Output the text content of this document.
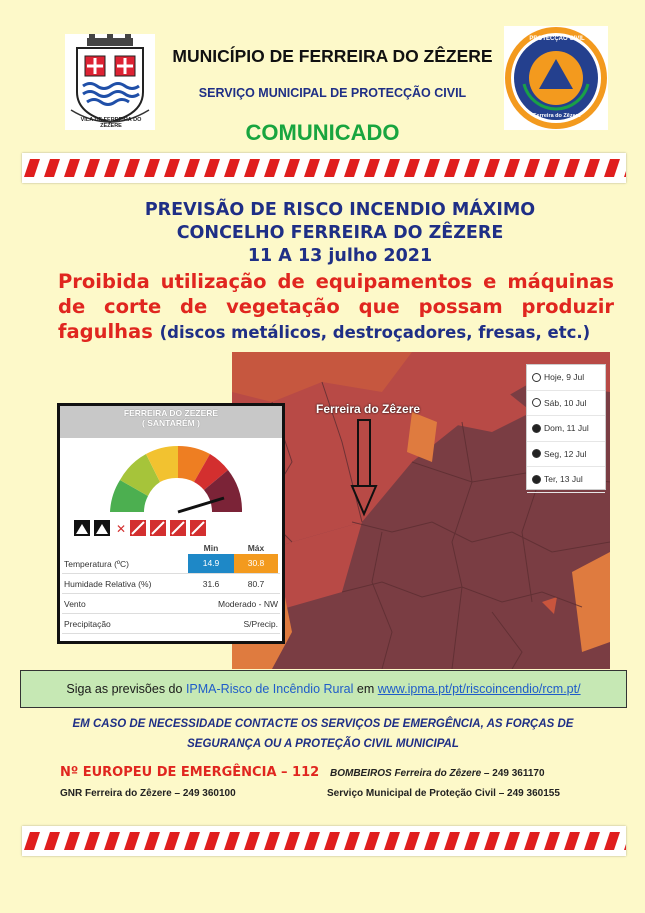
VILA DE FERREIRA DO ZÊZERE
MUNICÍPIO DE FERREIRA DO ZÊZERE
SERVIÇO MUNICIPAL DE PROTECÇÃO CIVIL
PROTECÇÃO CIVIL
Ferreira do Zêzere
COMUNICADO
PREVISÃO DE RISCO INCENDIO MÁXIMO
CONCELHO FERREIRA DO ZÊZERE
11 A 13 julho 2021
Proibida utilização de equipamentos e máquinas de corte de vegetação que possam produzir fagulhas (discos metálicos, destroçadores, fresas, etc.)
Ferreira do Zêzere
Hoje, 9 Jul
Sáb, 10 Jul
Dom, 11 Jul
Seg, 12 Jul
Ter, 13 Jul
FERREIRA DO ZEZERE
( SANTARÉM )
✕
Min	Máx
Temperatura (ºC)	14.9	30.8
Humidade Relativa (%)	31.6	80.7
Vento	Moderado - NW
Precipitação	S/Precip.
Siga as previsões do
IPMA - Risco de Incêndio Rural
em
www.ipma.pt/pt/riscoincendio/rcm.pt/
EM CASO DE NECESSIDADE CONTACTE OS SERVIÇOS DE EMERGÊNCIA, AS FORÇAS DE
SEGURANÇA OU A PROTEÇÃO CIVIL MUNICIPAL
Nº EUROPEU DE EMERGÊNCIA – 112 BOMBEIROS Ferreira do Zêzere – 249 361170
GNR Ferreira do Zêzere – 249 360100	Serviço Municipal de Proteção Civil – 249 360155
